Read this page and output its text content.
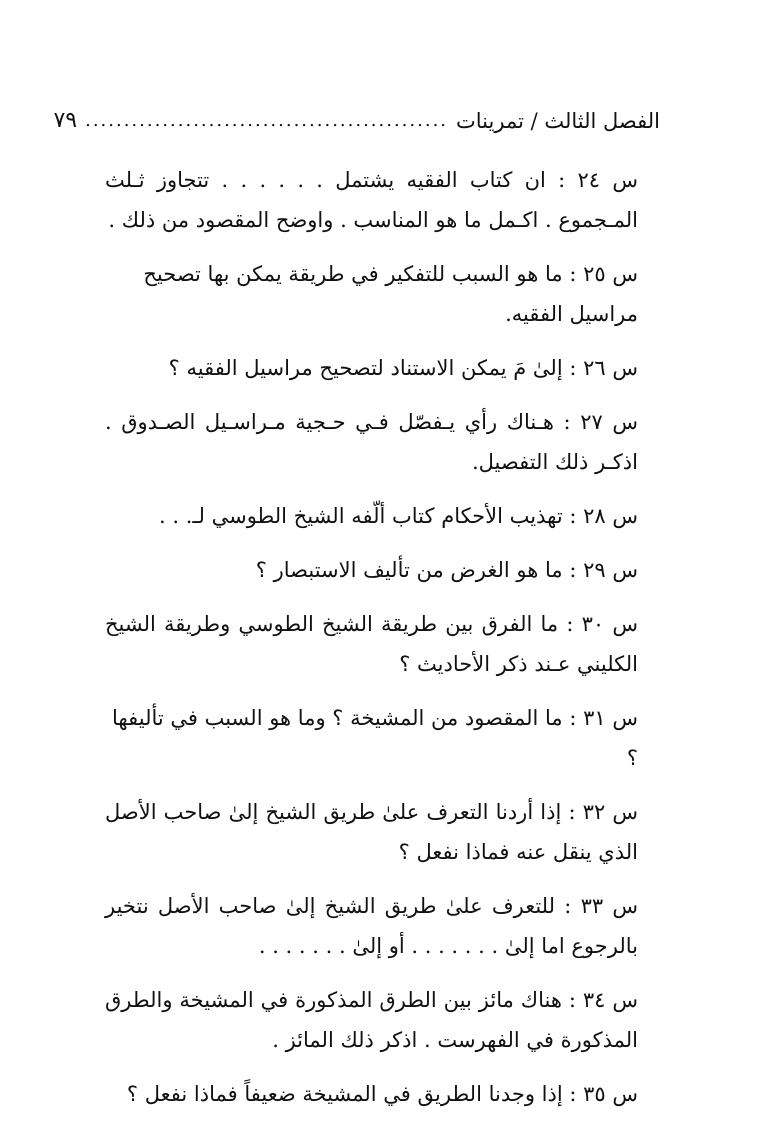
الفصل الثالث / تمرينات
...............................................
٧٩

س ٢٤ : ان كتاب الفقيه يشتمل . . . . . . تتجاوز ثـلث المـجموع . اكـمل ما هو المناسب . واوضح المقصود من ذلك .

س ٢٥ : ما هو السبب للتفكير في طريقة يمكن بها تصحيح مراسيل الفقيه.

س ٢٦ : إلىٰ مَ يمكن الاستناد لتصحيح مراسيل الفقيه ؟

س ٢٧ : هـناك رأي يـفصّل فـي حـجية مـراسـيل الصـدوق . اذكـر ذلك التفصيل.

س ٢٨ : تهذيب الأحكام كتاب ألّفه الشيخ الطوسي لـ. . .

س ٢٩ : ما هو الغرض من تأليف الاستبصار ؟

س ٣٠ : ما الفرق بين طريقة الشيخ الطوسي وطريقة الشيخ الكليني عـند ذكر الأحاديث ؟

س ٣١ : ما المقصود من المشيخة ؟ وما هو السبب في تأليفها ؟

س ٣٢ : إذا أردنا التعرف علىٰ طريق الشيخ إلىٰ صاحب الأصل الذي ينقل عنه فماذا نفعل ؟

س ٣٣ : للتعرف علىٰ طريق الشيخ إلىٰ صاحب الأصل نتخير بالرجوع اما إلىٰ . . . . . . . أو إلىٰ . . . . . . .

س ٣٤ : هناك مائز بين الطرق المذكورة في المشيخة والطرق المذكورة في الفهرست . اذكر ذلك المائز .

س ٣٥ : إذا وجدنا الطريق في المشيخة ضعيفاً فماذا نفعل ؟
